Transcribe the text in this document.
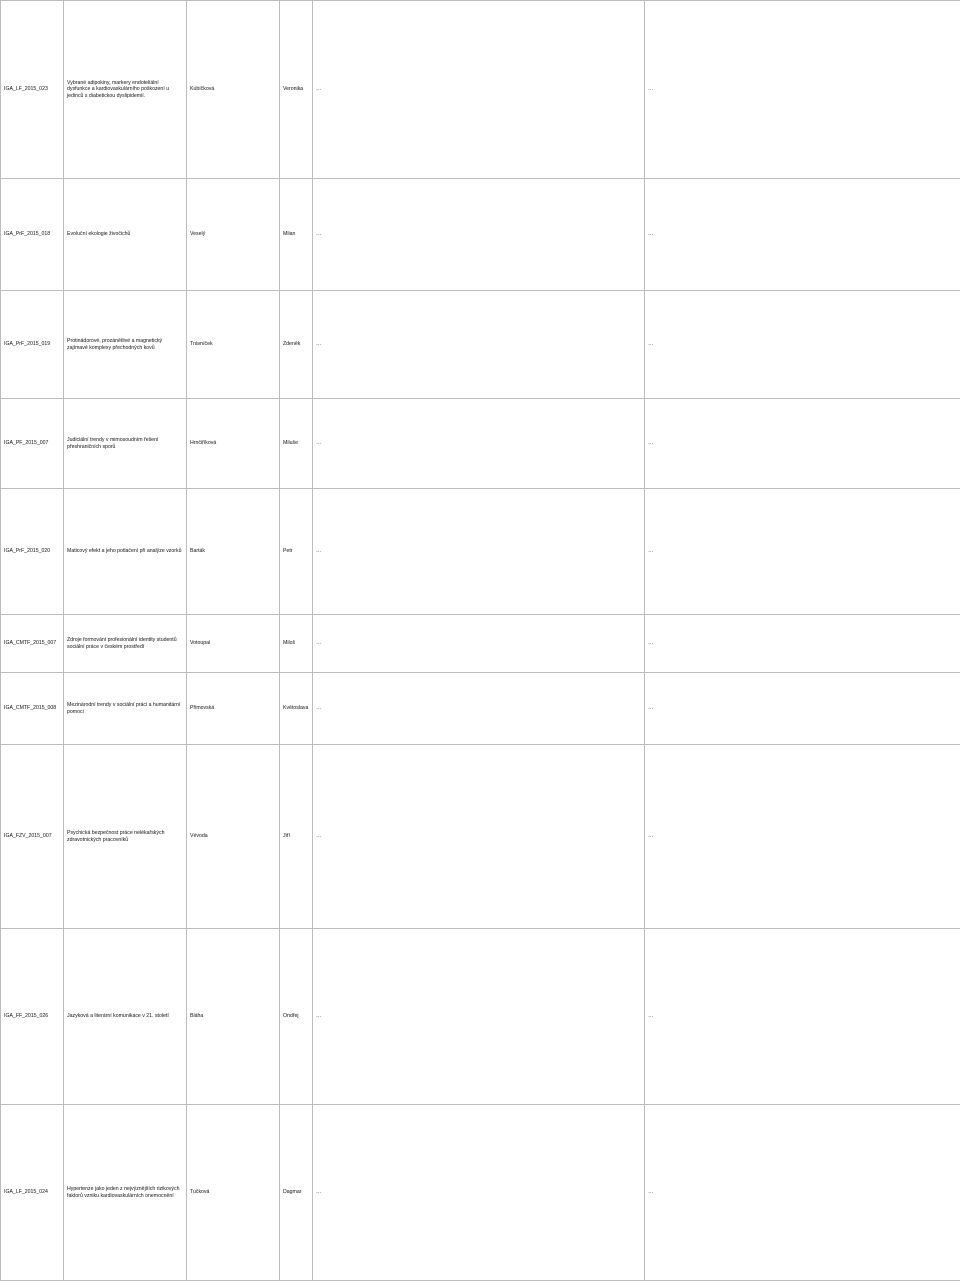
IGA_LF_2015_023	Vybrané adipokiny, markery endoteliální dysfunkce a kardiovaskulárního poškození u jedinců s diabetickou dyslipidemií.	Kubíčková	Veronika	…	…
IGA_PrF_2015_018	Evoluční ekologie živočichů	Veselý	Milan	…	…
IGA_PrF_2015_019	Protinádorové, prozánětlivé a magnetický zajímavé komplexy přechodných kovů	Trávníček	Zdeněk	…	…
IGA_PF_2015_007	Judiciální trendy v mimosoudním řešení přeshraničních sporů	Hrnčiříková	Miluše	…	…
IGA_PrF_2015_020	Maticový efekt a jeho potlačení při analýze vzorků	Barták	Petr	…	…
IGA_CMTF_2015_007	Zdroje formování profesionální identity studentů sociální práce v českém prostředí	Votoupal	Miloš	…	…
IGA_CMTF_2015_008	Mezinárodní trendy v sociální práci a humanitární pomoci	Přimovská	Květoslava	…	…
IGA_FZV_2015_007	Psychická bezpečnost práce nelékařských zdravotnických pracovníků	Vévoda	Jiří	…	…
IGA_FF_2015_026	Jazyková a literární komunikace v 21. století	Bláha	Ondřej	…	…
IGA_LF_2015_024	Hypertenze jako jeden z nejvýznějších rizikových faktorů vzniku kardiovaskulárních onemocnění	Tučková	Dagmar	…	…
